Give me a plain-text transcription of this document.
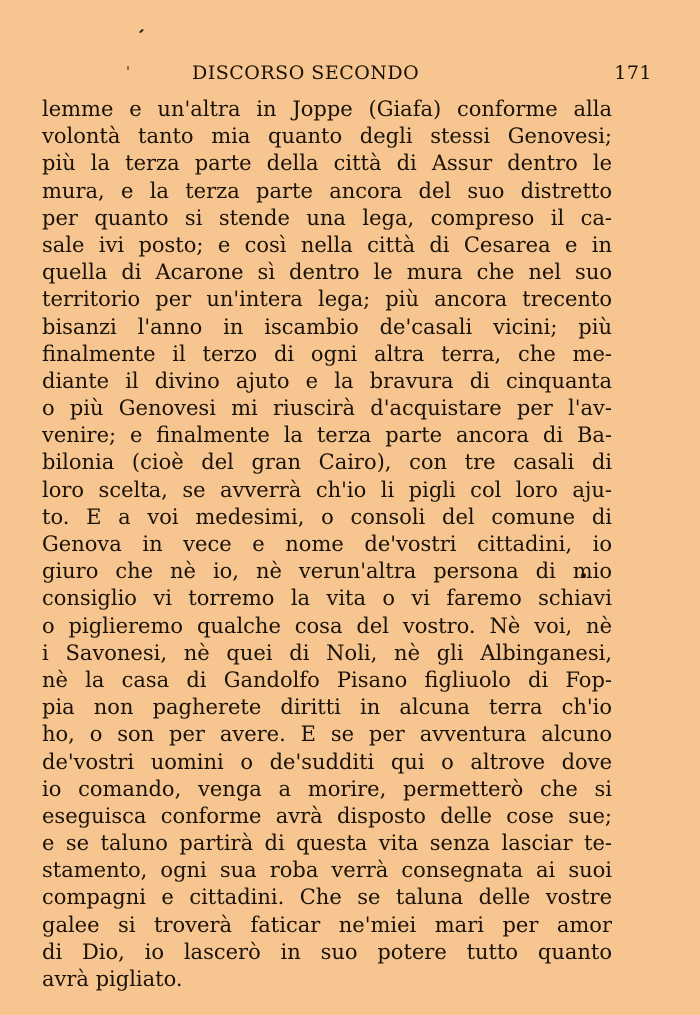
DISCORSO SECONDO	171
lemme e un'altra in Joppe (Giafa) conforme alla
volontà tanto mia quanto degli stessi Genovesi;
più la terza parte della città di Assur dentro le
mura, e la terza parte ancora del suo distretto
per quanto si stende una lega, compreso il ca-
sale ivi posto; e così nella città di Cesarea e in
quella di Acarone sì dentro le mura che nel suo
territorio per un'intera lega; più ancora trecento
bisanzi l'anno in iscambio de'casali vicini; più
finalmente il terzo di ogni altra terra, che me-
diante il divino ajuto e la bravura di cinquanta
o più Genovesi mi riuscirà d'acquistare per l'av-
venire; e finalmente la terza parte ancora di Ba-
bilonia (cioè del gran Cairo), con tre casali di
loro scelta, se avverrà ch'io li pigli col loro aju-
to. E a voi medesimi, o consoli del comune di
Genova in vece e nome de'vostri cittadini, io
giuro che nè io, nè verun'altra persona di mio
consiglio vi torremo la vita o vi faremo schiavi
o piglieremo qualche cosa del vostro. Nè voi, nè
i Savonesi, nè quei di Noli, nè gli Albinganesi,
nè la casa di Gandolfo Pisano figliuolo di Fop-
pia non pagherete diritti in alcuna terra ch'io
ho, o son per avere. E se per avventura alcuno
de'vostri uomini o de'sudditi qui o altrove dove
io comando, venga a morire, permetterò che si
eseguisca conforme avrà disposto delle cose sue;
e se taluno partirà di questa vita senza lasciar te-
stamento, ogni sua roba verrà consegnata ai suoi
compagni e cittadini. Che se taluna delle vostre
galee si troverà faticar ne'miei mari per amor
di Dio, io lascerò in suo potere tutto quanto
avrà pigliato.
